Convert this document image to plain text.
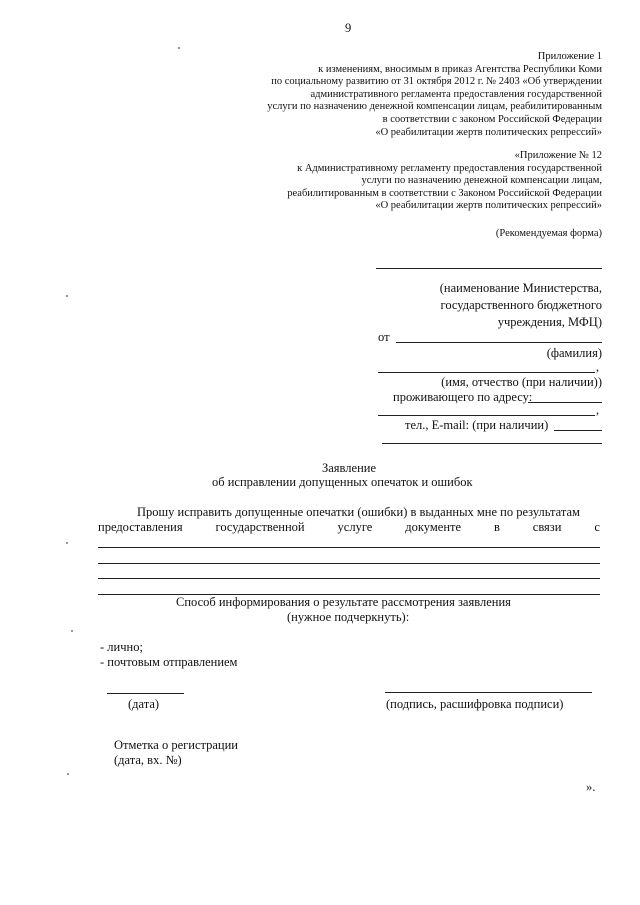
9
Приложение 1
к изменениям, вносимым в приказ Агентства Республики Коми
по социальному развитию от 31 октября 2012 г. № 2403 «Об утверждении
административного регламента предоставления государственной
услуги по назначению денежной компенсации лицам, реабилитированным
в соответствии с законом Российской Федерации
«О реабилитации жертв политических репрессий»
«Приложение № 12
к Административному регламенту предоставления государственной
услуги по назначению денежной компенсации лицам,
реабилитированным в соответствии с Законом Российской Федерации
«О реабилитации жертв политических репрессий»
(Рекомендуемая форма)
(наименование Министерства,
государственного бюджетного
учреждения, МФЦ)
от
(фамилия)
,
(имя, отчество (при наличии))
проживающего по адресу:
,
тел., E-mail: (при наличии)
Заявление
об исправлении допущенных опечаток и ошибок
Прошу исправить допущенные опечатки (ошибки) в выданных мне по результатам
предоставления	государственной	услуге	документе	в	связи	с
Способ информирования о результате рассмотрения заявления
(нужное подчеркнуть):
- лично;
- почтовым отправлением
(дата)	(подпись, расшифровка подписи)
Отметка о регистрации
(дата, вх. №)
».
